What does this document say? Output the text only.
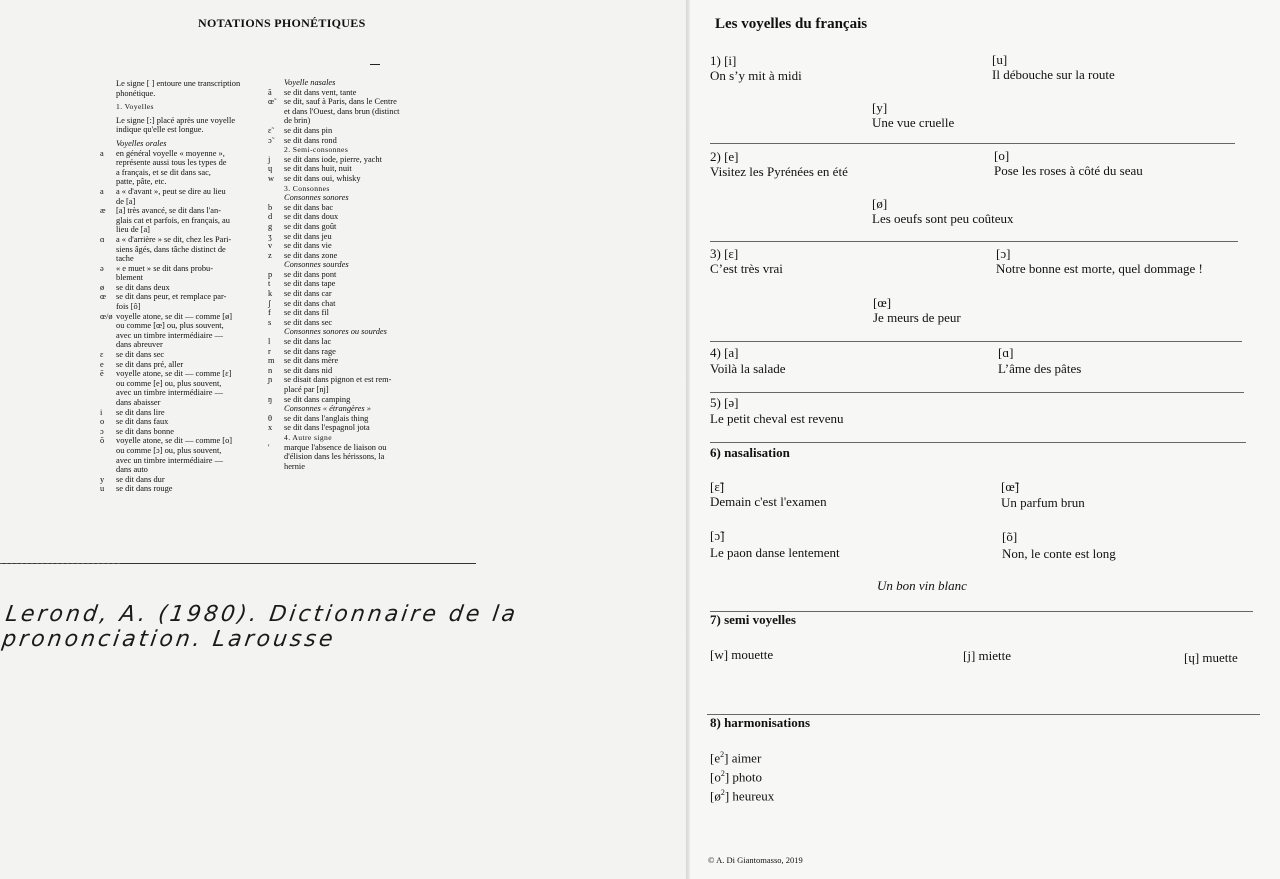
NOTATIONS PHONÉTIQUES
Le signe [ ] entoure une transcription
phonétique.
1. Voyelles
Le signe [:] placé après une voyelle
indique qu'elle est longue.
Voyelles orales
a en général voyelle « moyenne »,
représente aussi tous les types de
a français, et se dit dans sac,
patte, pâte, etc.
a a « d'avant », peut se dire au lieu
de [a]
æ [a] très avancé, se dit dans l'an-
glais cat et parfois, en français, au
lieu de [a]
ɑ a « d'arrière » se dit, chez les Pari-
siens âgés, dans tâche distinct de
tache
ə « e muet » se dit dans probu-
blement
ø se dit dans deux
œ se dit dans peur, et remplace par-
fois [ô]
œ/ø voyelle atone, se dit — comme [ø]
ou comme [œ] ou, plus souvent,
avec un timbre intermédiaire —
dans abreuver
ε se dit dans sec
e se dit dans pré, aller
ē voyelle atone, se dit — comme [ε]
ou comme [e] ou, plus souvent,
avec un timbre intermédiaire —
dans abaisser
i se dit dans lire
o se dit dans faux
ɔ se dit dans bonne
ō voyelle atone, se dit — comme [o]
ou comme [ɔ] ou, plus souvent,
avec un timbre intermédiaire —
dans auto
y se dit dans dur
u se dit dans rouge
Voyelle nasales
ã se dit dans vent, tante
œ̃ se dit, sauf à Paris, dans le Centre
et dans l'Ouest, dans brun (distinct
de brin)
ɛ̃ se dit dans pin
ɔ̃ se dit dans rond
2. Semi-consonnes
j se dit dans iode, pierre, yacht
ɥ se dit dans huit, nuit
w se dit dans oui, whisky
3. Consonnes
Consonnes sonores
b se dit dans bac
d se dit dans doux
g se dit dans goût
ʒ se dit dans jeu
v se dit dans vie
z se dit dans zone
Consonnes sourdes
p se dit dans pont
t se dit dans tape
k se dit dans car
ʃ se dit dans chat
f se dit dans fil
s se dit dans sec
Consonnes sonores ou sourdes
l se dit dans lac
r se dit dans rage
m se dit dans mère
n se dit dans nid
ɲ se disait dans pignon et est rem-
placé par [nj]
ŋ se dit dans camping
Consonnes « étrangères »
θ se dit dans l'anglais thing
x se dit dans l'espagnol jota
4. Autre signe
' marque l'absence de liaison ou
d'élision dans les hérissons, la
hernie
Lerond, A. (1980). Dictionnaire de la prononciation. Larousse
Les voyelles du français
1) [i]
On s’y mit à midi
[u]
Il débouche sur la route
[y]
Une vue cruelle
2) [e]
Visitez les Pyrénées en été
[o]
Pose les roses à côté du seau
[ø]
Les oeufs sont peu coûteux
3) [ɛ]
C’est très vrai
[ɔ]
Notre bonne est morte, quel dommage !
[œ]
Je meurs de peur
4) [a]
Voilà la salade
[ɑ]
L’âme des pâtes
5) [ə]
Le petit cheval est revenu
6) nasalisation
[ɛ̃]
Demain c'est l'examen
[œ̃]
Un parfum brun
[ɔ̃]
Le paon danse lentement
[õ]
Non, le conte est long
Un bon vin blanc
7) semi voyelles
[w] mouette	[j] miette	[ɥ] muette
8) harmonisations
$[e^2]$ aimer
$[o^2]$ photo
$[ø^2]$ heureux
© A. Di Giantomasso, 2019
